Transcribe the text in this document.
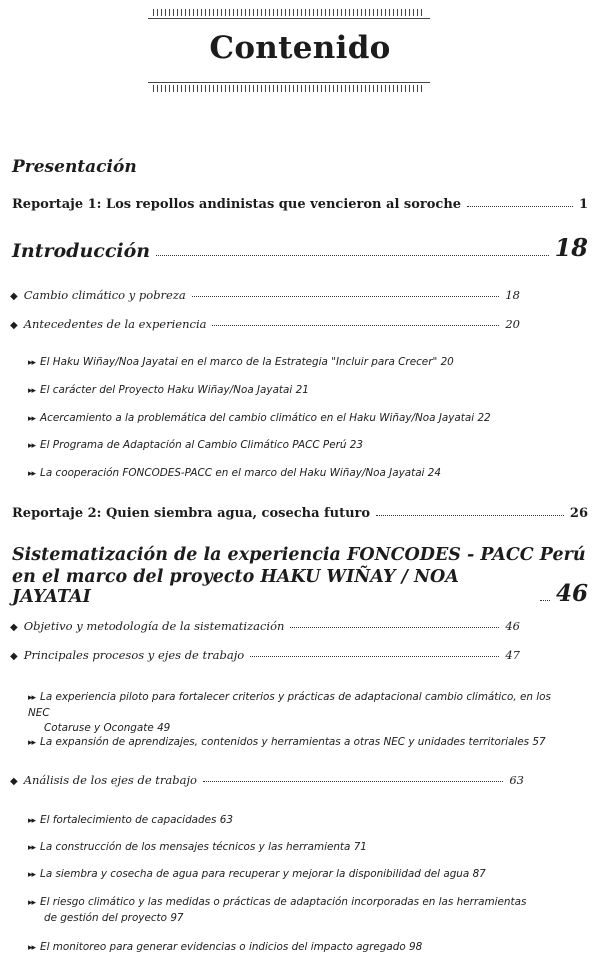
Contenido
Presentación
Reportaje 1: Los repollos andinistas que vencieron al soroche	1
Introducción	18
◆ Cambio climático y pobreza	18
◆ Antecedentes de la experiencia	20
▸▸ El Haku Wiñay/Noa Jayatai en el marco de la Estrategia "Incluir para Crecer" 20
▸▸ El carácter del Proyecto Haku Wiñay/Noa Jayatai 21
▸▸ Acercamiento a la problemática del cambio climático en el Haku Wiñay/Noa Jayatai 22
▸▸ El Programa de Adaptación al Cambio Climático PACC Perú 23
▸▸ La cooperación FONCODES-PACC en el marco del Haku Wiñay/Noa Jayatai 24
Reportaje 2: Quien siembra agua, cosecha futuro	26
Sistematización de la experiencia FONCODES - PACC Perú
en el marco del proyecto HAKU WIÑAY / NOA JAYATAI	46
◆ Objetivo y metodología de la sistematización	46
◆ Principales procesos y ejes de trabajo	47
▸▸ La experiencia piloto para fortalecer criterios y prácticas de adaptacional cambio climático, en los NEC
Cotaruse y Ocongate 49
▸▸ La expansión de aprendizajes, contenidos y herramientas a otras NEC y unidades territoriales 57
◆ Análisis de los ejes de trabajo	63
▸▸ El fortalecimiento de capacidades 63
▸▸ La construcción de los mensajes técnicos y las herramienta 71
▸▸ La siembra y cosecha de agua para recuperar y mejorar la disponibilidad del agua 87
▸▸ El riesgo climático y las medidas o prácticas de adaptación incorporadas en las herramientas
de gestión del proyecto 97
▸▸ El monitoreo para generar evidencias o indicios del impacto agregado 98
